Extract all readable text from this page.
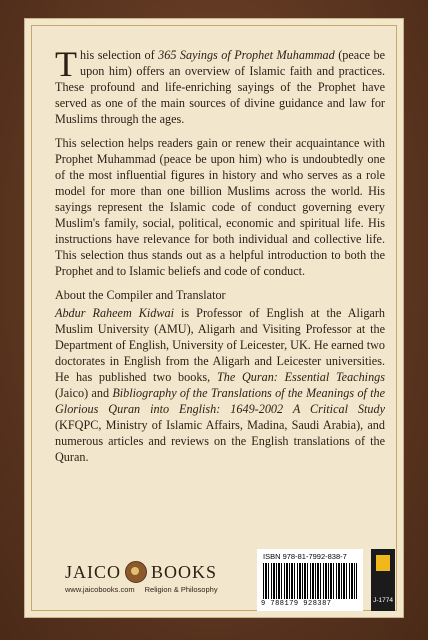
This selection of 365 Sayings of Prophet Muhammad (peace be upon him) offers an overview of Islamic faith and practices. These profound and life-enriching sayings of the Prophet have served as one of the main sources of divine guidance and law for Muslims through the ages.

This selection helps readers gain or renew their acquaintance with Prophet Muhammad (peace be upon him) who is undoubtedly one of the most influential figures in history and who serves as a role model for more than one billion Muslims across the world. His sayings represent the Islamic code of conduct governing every Muslim's family, social, political, economic and spiritual life. His instructions have relevance for both individual and collective life. This selection thus stands out as a helpful introduction to both the Prophet and to Islamic beliefs and code of conduct.

About the Compiler and Translator

Abdur Raheem Kidwai is Professor of English at the Aligarh Muslim University (AMU), Aligarh and Visiting Professor at the Department of English, University of Leicester, UK. He earned two doctorates in English from the Aligarh and Leicester universities. He has published two books, The Quran: Essential Teachings (Jaico) and Bibliography of the Translations of the Meanings of the Glorious Quran into English: 1649-2002 A Critical Study (KFQPC, Ministry of Islamic Affairs, Madina, Saudi Arabia), and numerous articles and reviews on the English translations of the Quran.

JAICO BOOKS
www.jaicobooks.com Religion & Philosophy
ISBN 978-81-7992-838-7
9 788179 928387	J-1774
